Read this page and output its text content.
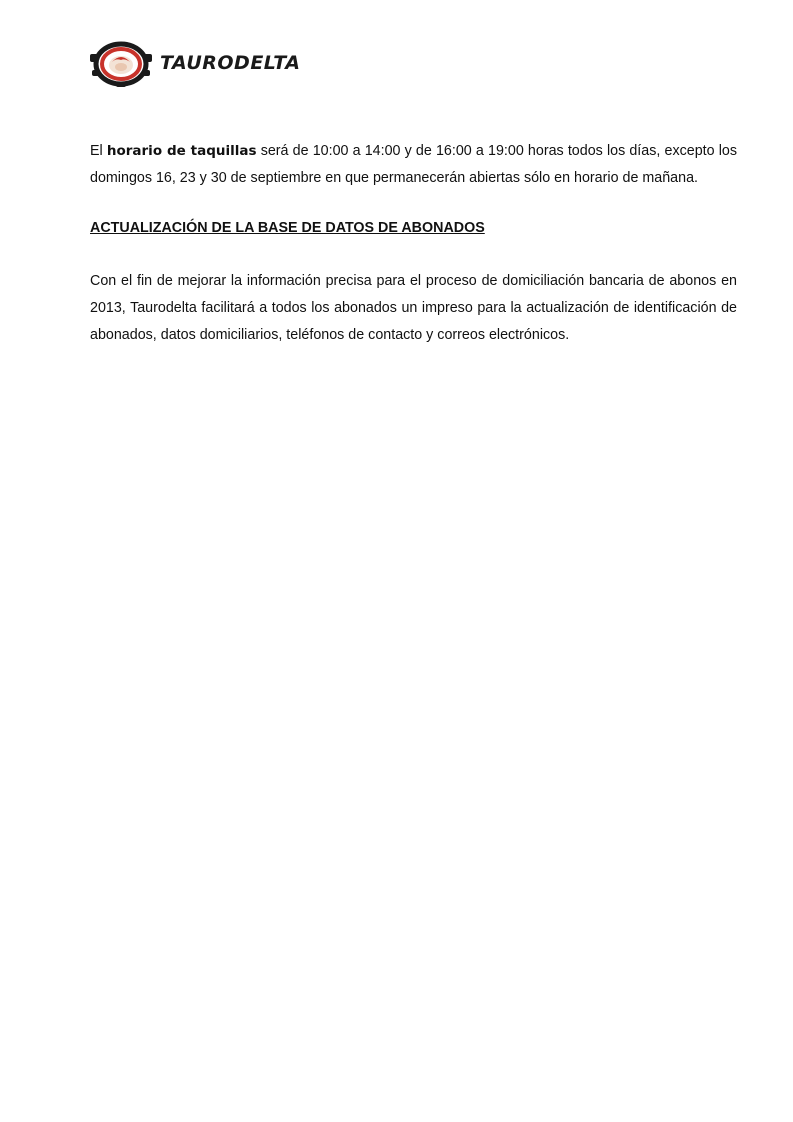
TAURODELTA

El horario de taquillas será de 10:00 a 14:00 y de 16:00 a 19:00 horas todos los días, excepto los domingos 16, 23 y 30 de septiembre en que permanecerán abiertas sólo en horario de mañana.

ACTUALIZACIÓN DE LA BASE DE DATOS DE ABONADOS

Con el fin de mejorar la información precisa para el proceso de domiciliación bancaria de abonos en 2013, Taurodelta facilitará a todos los abonados un impreso para la actualización de identificación de abonados, datos domiciliarios, teléfonos de contacto y correos electrónicos.
